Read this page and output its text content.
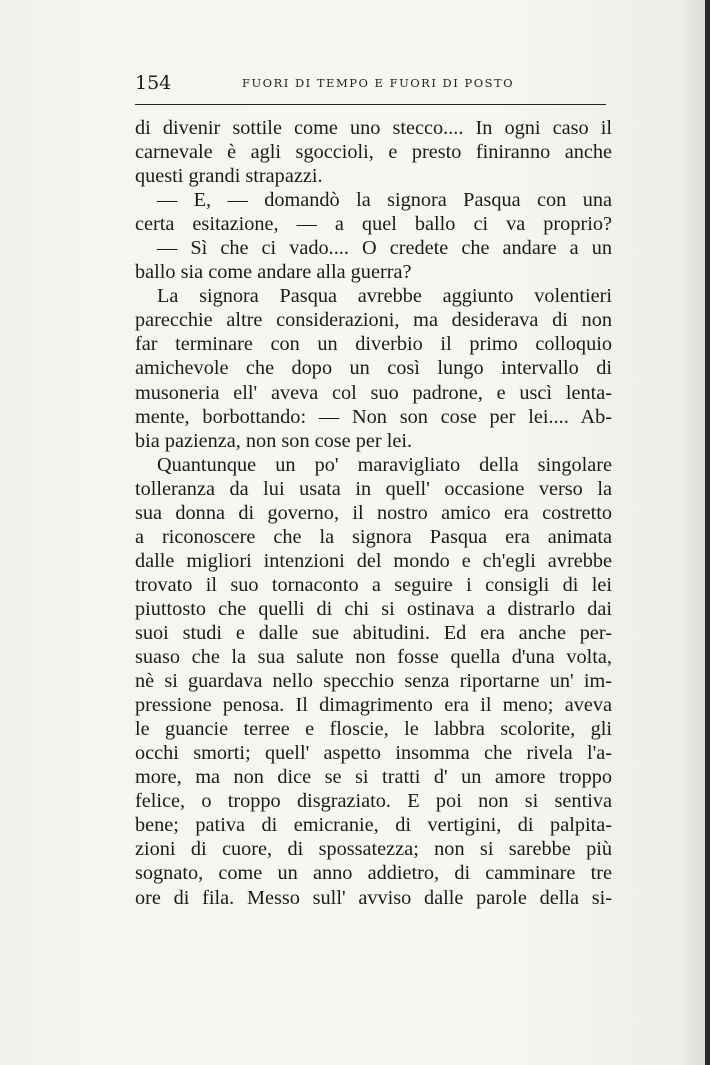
154	FUORI DI TEMPO E FUORI DI POSTO
di divenir sottile come uno stecco.... In ogni caso il
carnevale è agli sgoccioli, e presto finiranno anche
questi grandi strapazzi.
— E, — domandò la signora Pasqua con una
certa esitazione, — a quel ballo ci va proprio?
— Sì che ci vado.... O credete che andare a un
ballo sia come andare alla guerra?
La signora Pasqua avrebbe aggiunto volentieri
parecchie altre considerazioni, ma desiderava di non
far terminare con un diverbio il primo colloquio
amichevole che dopo un così lungo intervallo di
musoneria ell' aveva col suo padrone, e uscì lenta-
mente, borbottando: — Non son cose per lei.... Ab-
bia pazienza, non son cose per lei.
Quantunque un po' maravigliato della singolare
tolleranza da lui usata in quell' occasione verso la
sua donna di governo, il nostro amico era costretto
a riconoscere che la signora Pasqua era animata
dalle migliori intenzioni del mondo e ch'egli avrebbe
trovato il suo tornaconto a seguire i consigli di lei
piuttosto che quelli di chi si ostinava a distrarlo dai
suoi studi e dalle sue abitudini. Ed era anche per-
suaso che la sua salute non fosse quella d'una volta,
nè si guardava nello specchio senza riportarne un' im-
pressione penosa. Il dimagrimento era il meno; aveva
le guancie terree e floscie, le labbra scolorite, gli
occhi smorti; quell' aspetto insomma che rivela l'a-
more, ma non dice se si tratti d' un amore troppo
felice, o troppo disgraziato. E poi non si sentiva
bene; pativa di emicranie, di vertigini, di palpita-
zioni di cuore, di spossatezza; non si sarebbe più
sognato, come un anno addietro, di camminare tre
ore di fila. Messo sull' avviso dalle parole della si-
